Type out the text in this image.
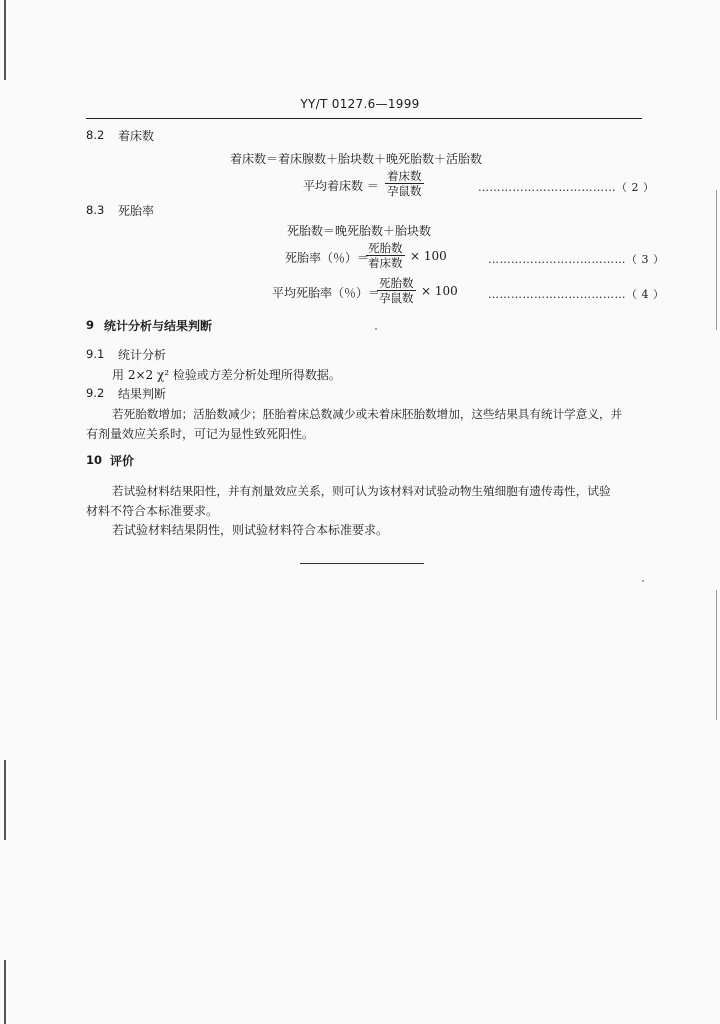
YY/T 0127.6—1999
8.2 着床数
着床数＝着床腺数＋胎块数＋晚死胎数＋活胎数
平均着床数 ＝
着床数
孕鼠数	………………………………（ 2 ）
8.3 死胎率
死胎数＝晚死胎数＋胎块数
死胎率（％）＝
死胎数
着床数 × 100	………………………………（ 3 ）
平均死胎率（％）＝
死胎数
孕鼠数 × 100	………………………………（ 4 ）
9 统计分析与结果判断
9.1 统计分析
用 2×2 χ² 检验或方差分析处理所得数据。
9.2 结果判断
若死胎数增加；活胎数减少；胚胎着床总数减少或未着床胚胎数增加，这些结果具有统计学意义，并
有剂量效应关系时，可记为显性致死阳性。
10 评价
若试验材料结果阳性，并有剂量效应关系，则可认为该材料对试验动物生殖细胞有遗传毒性，试验
材料不符合本标准要求。
若试验材料结果阴性，则试验材料符合本标准要求。
